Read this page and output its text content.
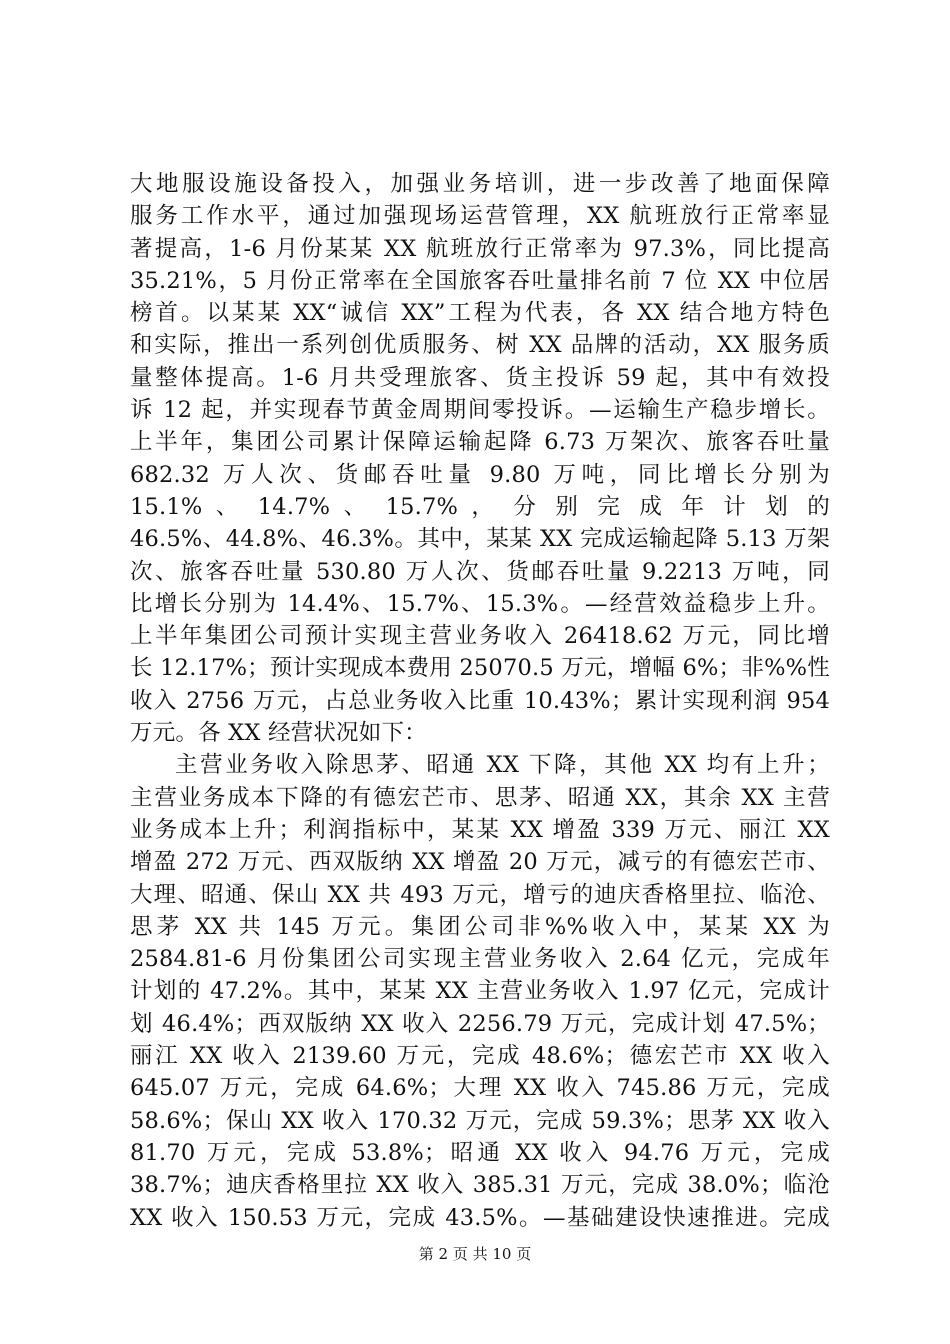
大地服设施设备投入，加强业务培训，进一步改善了地面保障
服务工作水平，通过加强现场运营管理，XX 航班放行正常率显
著提高，1-6 月份某某 XX 航班放行正常率为 97.3%，同比提高
35.21%，5 月份正常率在全国旅客吞吐量排名前 7 位 XX 中位居
榜首。以某某 XX“诚信 XX”工程为代表，各 XX 结合地方特色
和实际，推出一系列创优质服务、树 XX 品牌的活动，XX 服务质
量整体提高。1-6 月共受理旅客、货主投诉 59 起，其中有效投
诉 12 起，并实现春节黄金周期间零投诉。—运输生产稳步增长。
上半年，集团公司累计保障运输起降 6.73 万架次、旅客吞吐量
682.32 万人次、货邮吞吐量 9.80 万吨，同比增长分别为
15.1% 、 14.7% 、 15.7% ， 分 别 完 成 年 计 划 的
46.5%、44.8%、46.3%。其中，某某 XX 完成运输起降 5.13 万架
次、旅客吞吐量 530.80 万人次、货邮吞吐量 9.2213 万吨，同
比增长分别为 14.4%、15.7%、15.3%。—经营效益稳步上升。
上半年集团公司预计实现主营业务收入 26418.62 万元，同比增
长 12.17%；预计实现成本费用 25070.5 万元，增幅 6%；非%%性
收入 2756 万元，占总业务收入比重 10.43%；累计实现利润 954
万元。各 XX 经营状况如下：
主营业务收入除思茅、昭通 XX 下降，其他 XX 均有上升；
主营业务成本下降的有德宏芒市、思茅、昭通 XX，其余 XX 主营
业务成本上升；利润指标中，某某 XX 增盈 339 万元、丽江 XX
增盈 272 万元、西双版纳 XX 增盈 20 万元，减亏的有德宏芒市、
大理、昭通、保山 XX 共 493 万元，增亏的迪庆香格里拉、临沧、
思茅 XX 共 145 万元。集团公司非%%收入中，某某 XX 为
2584.81-6 月份集团公司实现主营业务收入 2.64 亿元，完成年
计划的 47.2%。其中，某某 XX 主营业务收入 1.97 亿元，完成计
划 46.4%；西双版纳 XX 收入 2256.79 万元，完成计划 47.5%；
丽江 XX 收入 2139.60 万元，完成 48.6%；德宏芒市 XX 收入
645.07 万元，完成 64.6%；大理 XX 收入 745.86 万元，完成
58.6%；保山 XX 收入 170.32 万元，完成 59.3%；思茅 XX 收入
81.70 万元，完成 53.8%；昭通 XX 收入 94.76 万元，完成
38.7%；迪庆香格里拉 XX 收入 385.31 万元，完成 38.0%；临沧
XX 收入 150.53 万元，完成 43.5%。—基础建设快速推进。完成
第 2 页 共 10 页
